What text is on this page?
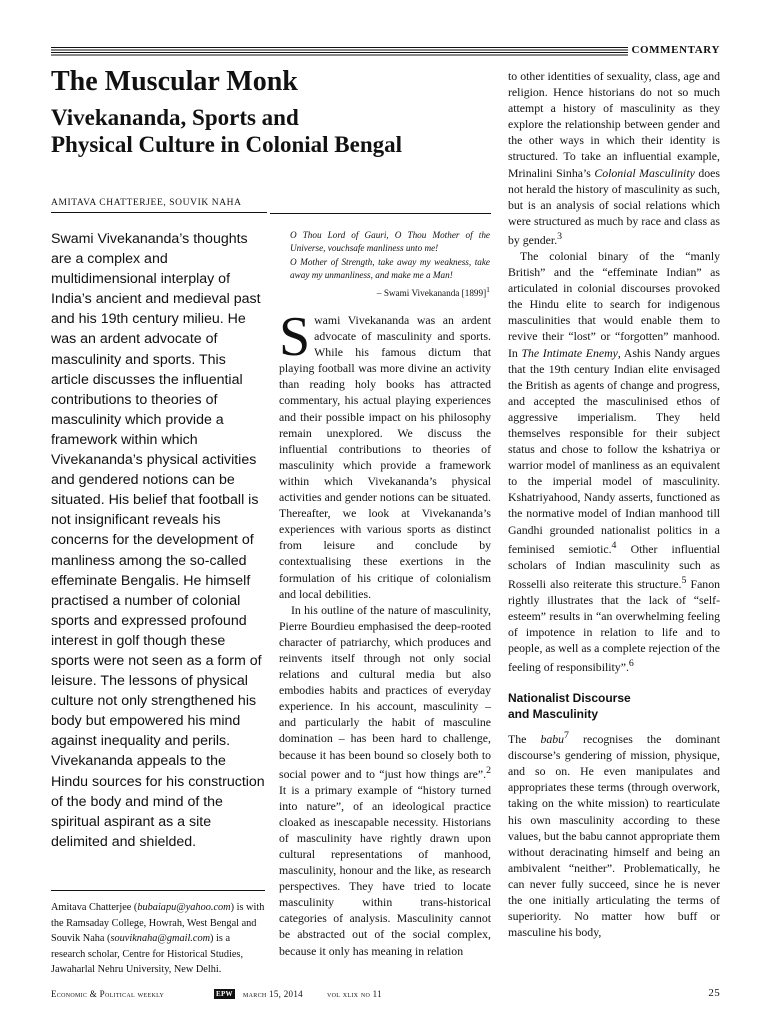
COMMENTARY
The Muscular Monk
Vivekananda, Sports and
Physical Culture in Colonial Bengal
AMITAVA CHATTERJEE, SOUVIK NAHA

Swami Vivekananda’s thoughts are a complex and multidimensional interplay of India’s ancient and medieval past and his 19th century milieu. He was an ardent advocate of masculinity and sports. This article discusses the influential contributions to theories of masculinity which provide a framework within which Vivekananda’s physical activities and gendered notions can be situated. His belief that football is not insignificant reveals his concerns for the development of manliness among the so-called effeminate Bengalis. He himself practised a number of colonial sports and expressed profound interest in golf though these sports were not seen as a form of leisure. The lessons of physical culture not only strengthened his body but empowered his mind against inequality and perils. Vivekananda appeals to the Hindu sources for his construction of the body and mind of the spiritual aspirant as a site delimited and shielded.

Amitava Chatterjee (bubaiapu@yahoo.com) is with the Ramsaday College, Howrah, West Bengal and Souvik Naha (souviknaha@gmail.com) is a research scholar, Centre for Historical Studies, Jawaharlal Nehru University, New Delhi.

O Thou Lord of Gauri, O Thou Mother of the Universe, vouchsafe manliness unto me!

O Mother of Strength, take away my weakness, take away my unmanliness, and make me a Man!

– Swami Vivekananda $[1899]^1$

Swami Vivekananda was an ardent advocate of masculinity and sports. While his famous dictum that playing football was more divine an activity than reading holy books has attracted commentary, his actual playing experiences and their possible impact on his philosophy remain unexplored. We discuss the influential contributions to theories of masculinity which provide a framework within which Vivekananda’s physical activities and gender notions can be situated. Thereafter, we look at Vivekananda’s experiences with various sports as distinct from leisure and conclude by contextualising these exertions in the formulation of his critique of colonialism and local debilities.

In his outline of the nature of masculinity, Pierre Bourdieu emphasised the deep-rooted character of patriarchy, which produces and reinvents itself through not only social relations and cultural media but also embodies habits and practices of everyday experience. In his account, masculinity – and particularly the habit of masculine domination – has been hard to challenge, because it has been bound so closely both to social power and to “just how things are”.$^2$ It is a primary example of “history turned into nature”, of an ideological practice cloaked as inescapable necessity. Historians of masculinity have rightly drawn upon cultural representations of manhood, masculinity, honour and the like, as research perspectives. They have tried to locate masculinity within trans-historical categories of analysis. Masculinity cannot be abstracted out of the social complex, because it only has meaning in relation

to other identities of sexuality, class, age and religion. Hence historians do not so much attempt a history of masculinity as they explore the relationship between gender and the other ways in which their identity is structured. To take an influential example, Mrinalini Sinha’s Colonial Masculinity does not herald the history of masculinity as such, but is an analysis of social relations which were structured as much by race and class as by gender.$^3$

The colonial binary of the “manly British” and the “effeminate Indian” as articulated in colonial discourses provoked the Hindu elite to search for indigenous masculinities that would enable them to revive their “lost” or “forgotten” manhood. In The Intimate Enemy, Ashis Nandy argues that the 19th century Indian elite envisaged the British as agents of change and progress, and accepted the masculinised ethos of aggressive imperialism. They held themselves responsible for their subject status and chose to follow the kshatriya or warrior model of manliness as an equivalent to the imperial model of masculinity. Kshatriyahood, Nandy asserts, functioned as the normative model of Indian manhood till Gandhi grounded nationalist politics in a feminised semiotic.$^4$ Other influential scholars of Indian masculinity such as Rosselli also reiterate this structure.$^5$ Fanon rightly illustrates that the lack of “self-esteem” results in “an overwhelming feeling of impotence in relation to life and to people, as well as a complete rejection of the feeling of responsibility”.$^6$

Nationalist Discourse
and Masculinity

The babu$^7$ recognises the dominant discourse’s gendering of mission, physique, and so on. He even manipulates and appropriates these terms (through overwork, taking on the white mission) to rearticulate his own masculinity according to these values, but the babu cannot appropriate them without deracinating himself and being an ambivalent “neither”. Problematically, he can never fully succeed, since he is never the one initially articulating the terms of superiority. No matter how buff or masculine his body,

Economic & Political weekly	EPW march 15, 2014	vol xlix no 11	25
